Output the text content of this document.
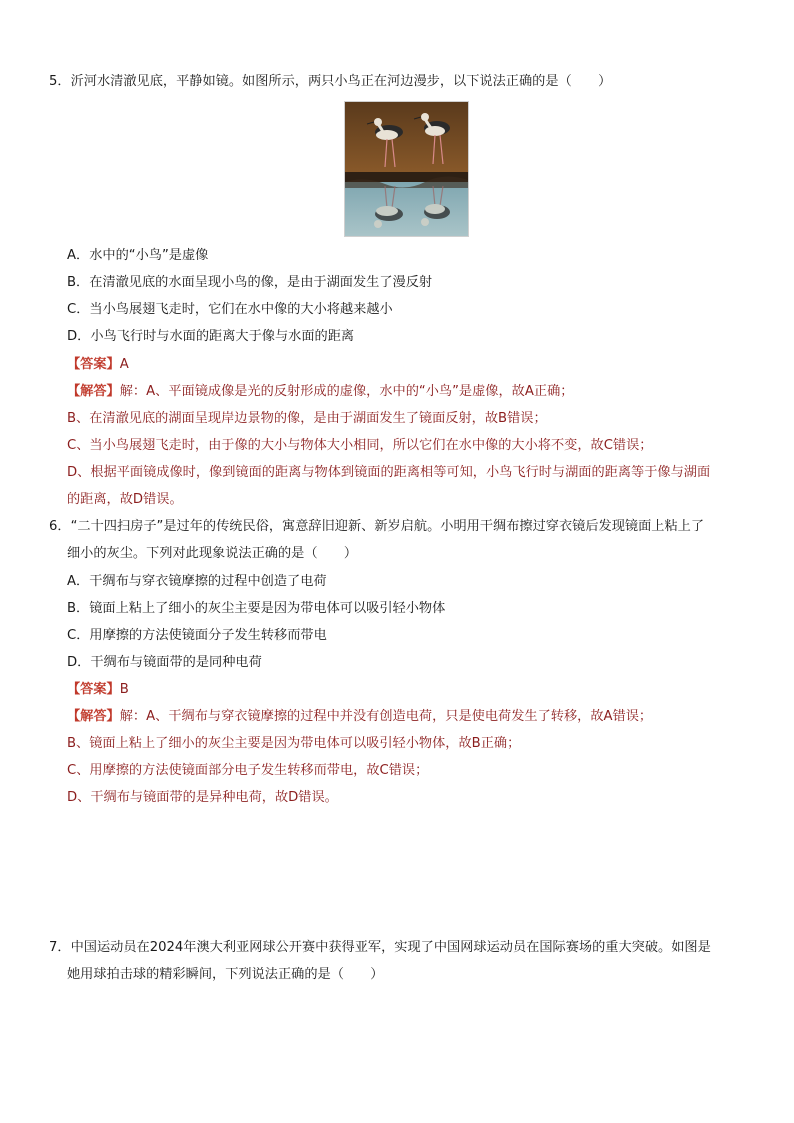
5．沂河水清澈见底，平静如镜。如图所示，两只小鸟正在河边漫步，以下说法正确的是（　　）
A．水中的“小鸟”是虚像
B．在清澈见底的水面呈现小鸟的像，是由于湖面发生了漫反射
C．当小鸟展翅飞走时，它们在水中像的大小将越来越小
D．小鸟飞行时与水面的距离大于像与水面的距离
【答案】A
【解答】解：A、平面镜成像是光的反射形成的虚像，水中的“小鸟”是虚像，故A正确；
B、在清澈见底的湖面呈现岸边景物的像，是由于湖面发生了镜面反射，故B错误；
C、当小鸟展翅飞走时，由于像的大小与物体大小相同，所以它们在水中像的大小将不变，故C错误；
D、根据平面镜成像时，像到镜面的距离与物体到镜面的距离相等可知，小鸟飞行时与湖面的距离等于像与湖面
的距离，故D错误。
6．“二十四扫房子”是过年的传统民俗，寓意辞旧迎新、新岁启航。小明用干绸布擦过穿衣镜后发现镜面上粘上了
细小的灰尘。下列对此现象说法正确的是（　　）
A．干绸布与穿衣镜摩擦的过程中创造了电荷
B．镜面上粘上了细小的灰尘主要是因为带电体可以吸引轻小物体
C．用摩擦的方法使镜面分子发生转移而带电
D．干绸布与镜面带的是同种电荷
【答案】B
【解答】解：A、干绸布与穿衣镜摩擦的过程中并没有创造电荷，只是使电荷发生了转移，故A错误；
B、镜面上粘上了细小的灰尘主要是因为带电体可以吸引轻小物体，故B正确；
C、用摩擦的方法使镜面部分电子发生转移而带电，故C错误；
D、干绸布与镜面带的是异种电荷，故D错误。
7．中国运动员在2024年澳大利亚网球公开赛中获得亚军，实现了中国网球运动员在国际赛场的重大突破。如图是
她用球拍击球的精彩瞬间，下列说法正确的是（　　）
